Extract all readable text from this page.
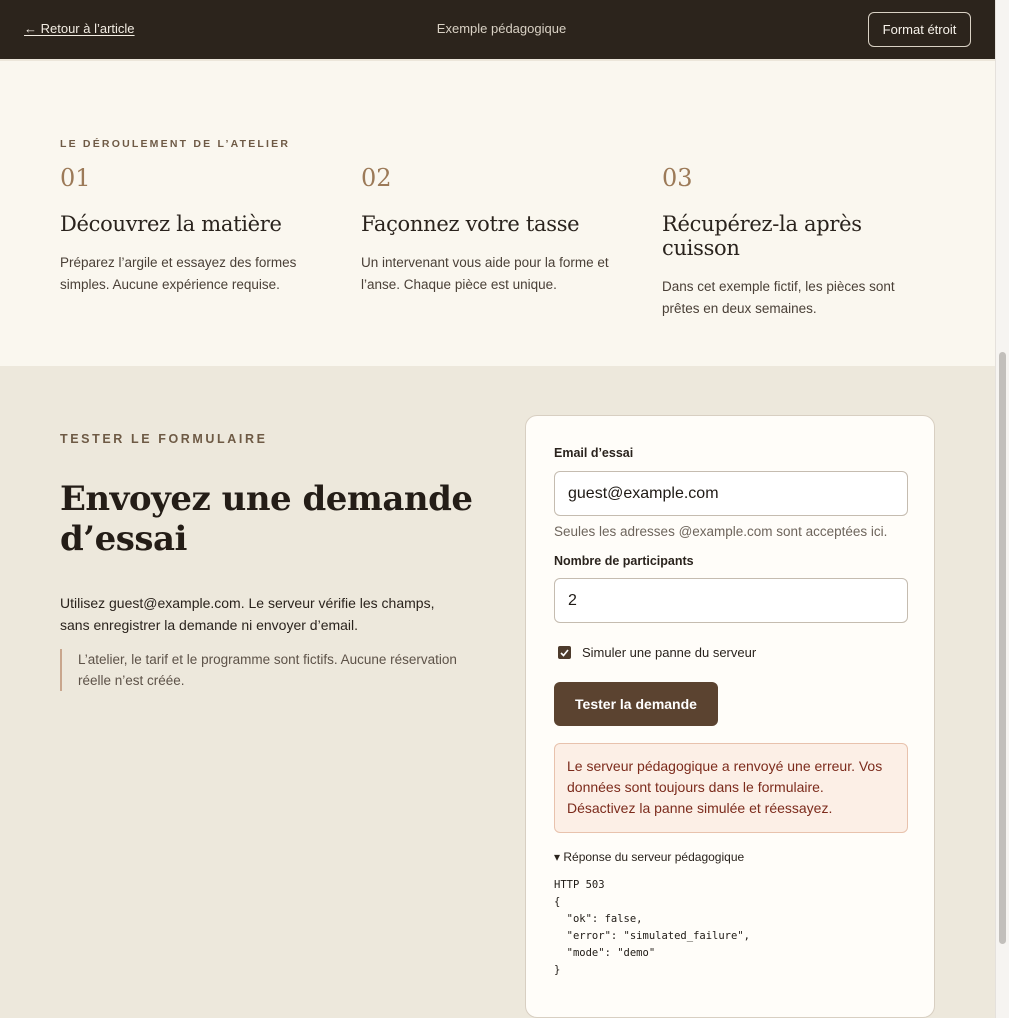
← Retour à l’article	Exemple pédagogique	Format étroit
LE DÉROULEMENT DE L’ATELIER
01
Découvrez la matière
Préparez l’argile et essayez des formes simples. Aucune expérience requise.
02
Façonnez votre tasse
Un intervenant vous aide pour la forme et l’anse. Chaque pièce est unique.
03
Récupérez-la après cuisson
Dans cet exemple fictif, les pièces sont prêtes en deux semaines.
TESTER LE FORMULAIRE
Envoyez une demande d’essai

Utilisez guest@example.com. Le serveur vérifie les champs, sans enregistrer la demande ni envoyer d’email.

L’atelier, le tarif et le programme sont fictifs. Aucune réservation réelle n’est créée.

Email d’essai
guest@example.com
Seules les adresses @example.com sont acceptées ici.
Nombre de participants
2
Simuler une panne du serveur
Tester la demande
Le serveur pédagogique a renvoyé une erreur. Vos données sont toujours dans le formulaire. Désactivez la panne simulée et réessayez.
▾ Réponse du serveur pédagogique
HTTP 503
{
"ok": false,
"error": "simulated_failure",
"mode": "demo"
}
